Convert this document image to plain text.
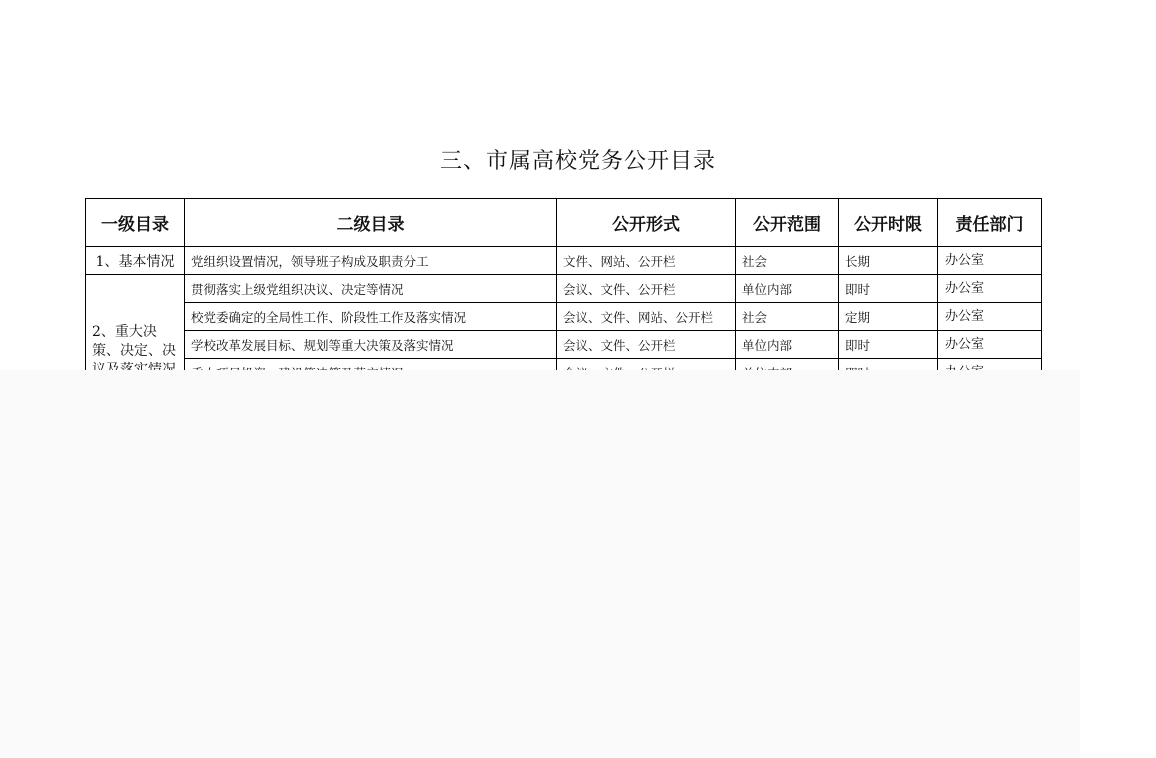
三、市属高校党务公开目录
一级目录	二级目录	公开形式	公开范围	公开时限	责任部门
1、基本情况	党组织设置情况，领导班子构成及职责分工	文件、网站、公开栏	社会	长期	办公室

2、重大决策、决定、决	贯彻落实上级党组织决议、决定等情况	会议、文件、公开栏	单位内部	即时	办公室
	校党委确定的全局性工作、阶段性工作及落实情况	会议、文件、网站、公开栏	社会	定期	办公室
	学校改革发展目标、规划等重大决策及落实情况	会议、文件、公开栏	单位内部	即时	办公室
